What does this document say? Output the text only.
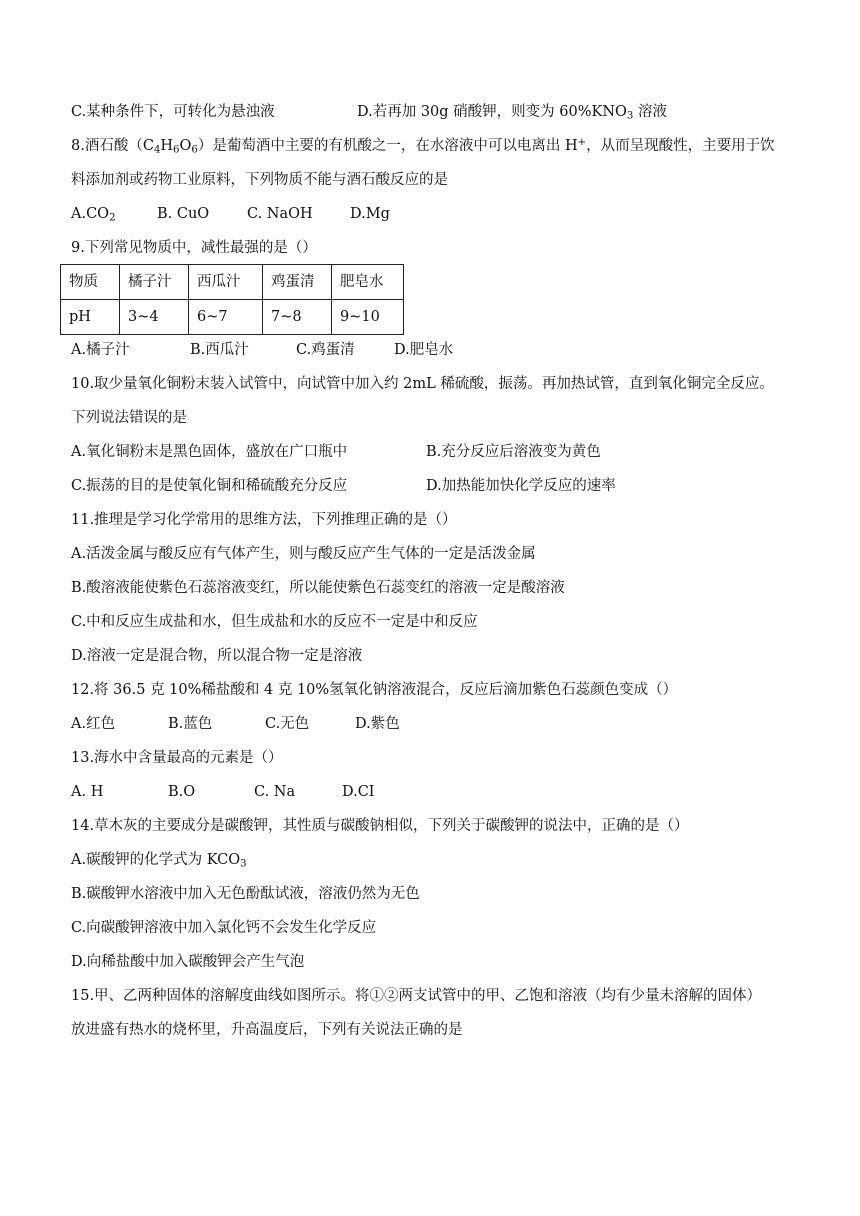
C.某种条件下，可转化为悬浊液	D.若再加 30g 硝酸钾，则变为 $60\%KNO_3$ 溶液
8.酒石酸$(C_4H_6O_6)$是葡萄酒中主要的有机酸之一，在水溶液中可以电离出 H+，从而呈现酸性，主要用于饮
料添加剂或药物工业原料，下列物质不能与酒石酸反应的是
$A.CO_2$	B. CuO	C. NaOH	D.Mg
9.下列常见物质中，减性最强的是（）
物质	橘子汁	西瓜汁	鸡蛋清	肥皂水
pH	3~4	6~7	7~8	9~10
A.橘子汁	B.西瓜汁	C.鸡蛋清	D.肥皂水
10.取少量氧化铜粉末装入试管中，向试管中加入约 2mL 稀硫酸，振荡。再加热试管，直到氧化铜完全反应。
下列说法错误的是
A.氧化铜粉末是黑色固体，盛放在广口瓶中	B.充分反应后溶液变为黄色
C.振荡的目的是使氧化铜和稀硫酸充分反应	D.加热能加快化学反应的速率
11.推理是学习化学常用的思维方法，下列推理正确的是（）
A.活泼金属与酸反应有气体产生，则与酸反应产生气体的一定是活泼金属
B.酸溶液能使紫色石蕊溶液变红，所以能使紫色石蕊变红的溶液一定是酸溶液
C.中和反应生成盐和水，但生成盐和水的反应不一定是中和反应
D.溶液一定是混合物，所以混合物一定是溶液
12.将 36.5 克 10%稀盐酸和 4 克 10%氢氧化钠溶液混合，反应后滴加紫色石蕊颜色变成（）
A.红色	B.蓝色	C.无色	D.紫色
13.海水中含量最高的元素是（）
A. H	B.O	C. Na	D.CI
14.草木灰的主要成分是碳酸钾，其性质与碳酸钠相似，下列关于碳酸钾的说法中，正确的是（）
A.碳酸钾的化学式为 $KCO_3$
B.碳酸钾水溶液中加入无色酚酞试液，溶液仍然为无色
C.向碳酸钾溶液中加入氯化钙不会发生化学反应
D.向稀盐酸中加入碳酸钾会产生气泡
15.甲、乙两种固体的溶解度曲线如图所示。将①②两支试管中的甲、乙饱和溶液（均有少量未溶解的固体）
放进盛有热水的烧杯里，升高温度后，下列有关说法正确的是
